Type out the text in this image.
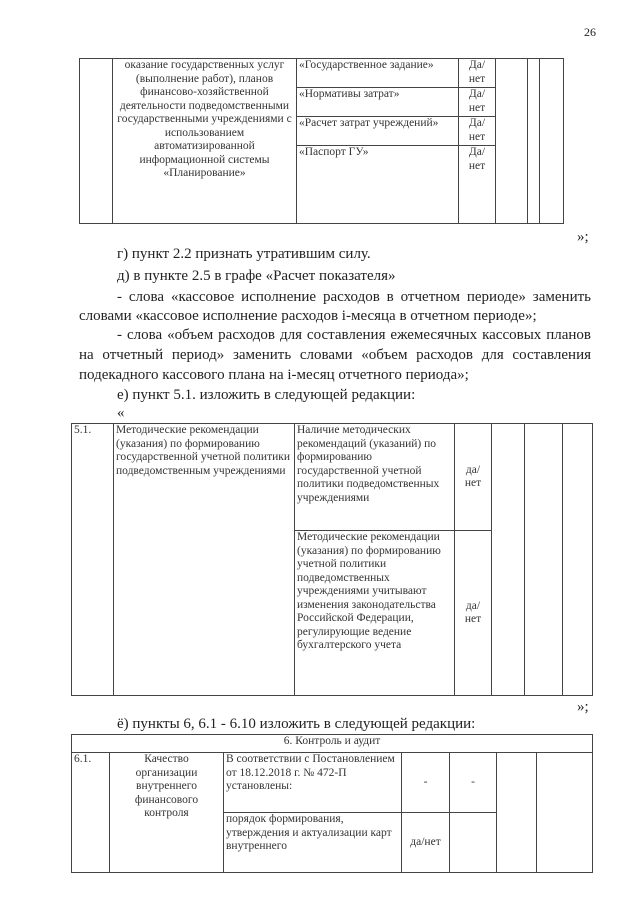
26
	оказание государственных услуг (выполнение работ), планов финансово-хозяйственной деятельности подведомственными государственными учреждениями с использованием автоматизированной информационной системы «Планирование»	«Государственное задание»	Да/ нет			
		«Нормативы затрат»	Да/ нет			
		«Расчет затрат учреждений»	Да/ нет			
		«Паспорт ГУ»	Да/ нет			
»;
г) пункт 2.2 признать утратившим силу.
д) в пункте 2.5 в графе «Расчет показателя»
- слова «кассовое исполнение расходов в отчетном периоде» заменить
словами «кассовое исполнение расходов i-месяца в отчетном периоде»;
- слова «объем расходов для составления ежемесячных кассовых планов
на отчетный период» заменить словами «объем расходов для составления
подекадного кассового плана на i-месяц отчетного периода»;
е) пункт 5.1. изложить в следующей редакции:
«
5.1.	Методические рекомендации (указания) по формированию государственной учетной политики подведомственным учреждениями	Наличие методических рекомендаций (указаний) по формированию государственной учетной политики подведомственных учреждениями	да/ нет			
		Методические рекомендации (указания) по формированию учетной политики подведомственных учреждениями учитывают изменения законодательства Российской Федерации, регулирующие ведение бухгалтерского учета	да/ нет			
»;
ё) пункты 6, 6.1 - 6.10 изложить в следующей редакции:
6. Контроль и аудит						
6.1.	Качество организации внутреннего финансового контроля	В соответствии с Постановлением от 18.12.2018 г. № 472-П установлены:	-	-		
		порядок формирования, утверждения и актуализации карт внутреннего	да/нет			
